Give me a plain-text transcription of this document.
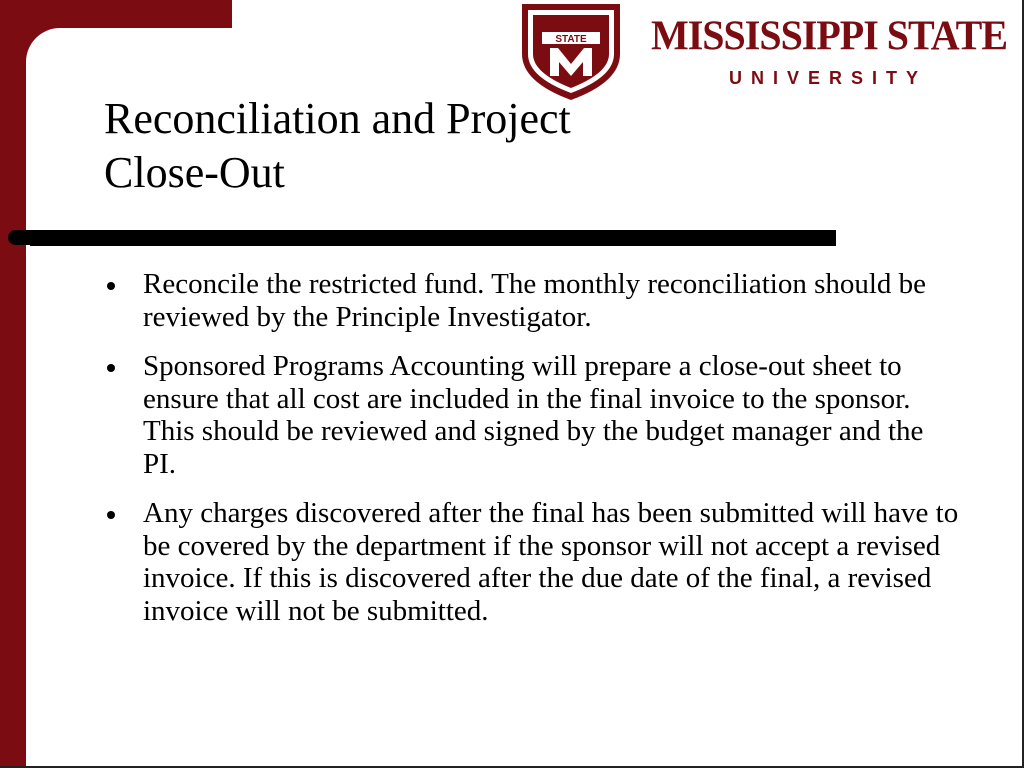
STATE MISSISSIPPI STATE
UNIVERSITY
Reconciliation and Project
Close-Out
Reconcile the restricted fund. The monthly reconciliation should be reviewed by the Principle Investigator.
Sponsored Programs Accounting will prepare a close-out sheet to ensure that all cost are included in the final invoice to the sponsor. This should be reviewed and signed by the budget manager and the PI.
Any charges discovered after the final has been submitted will have to be covered by the department if the sponsor will not accept a revised invoice. If this is discovered after the due date of the final, a revised invoice will not be submitted.
